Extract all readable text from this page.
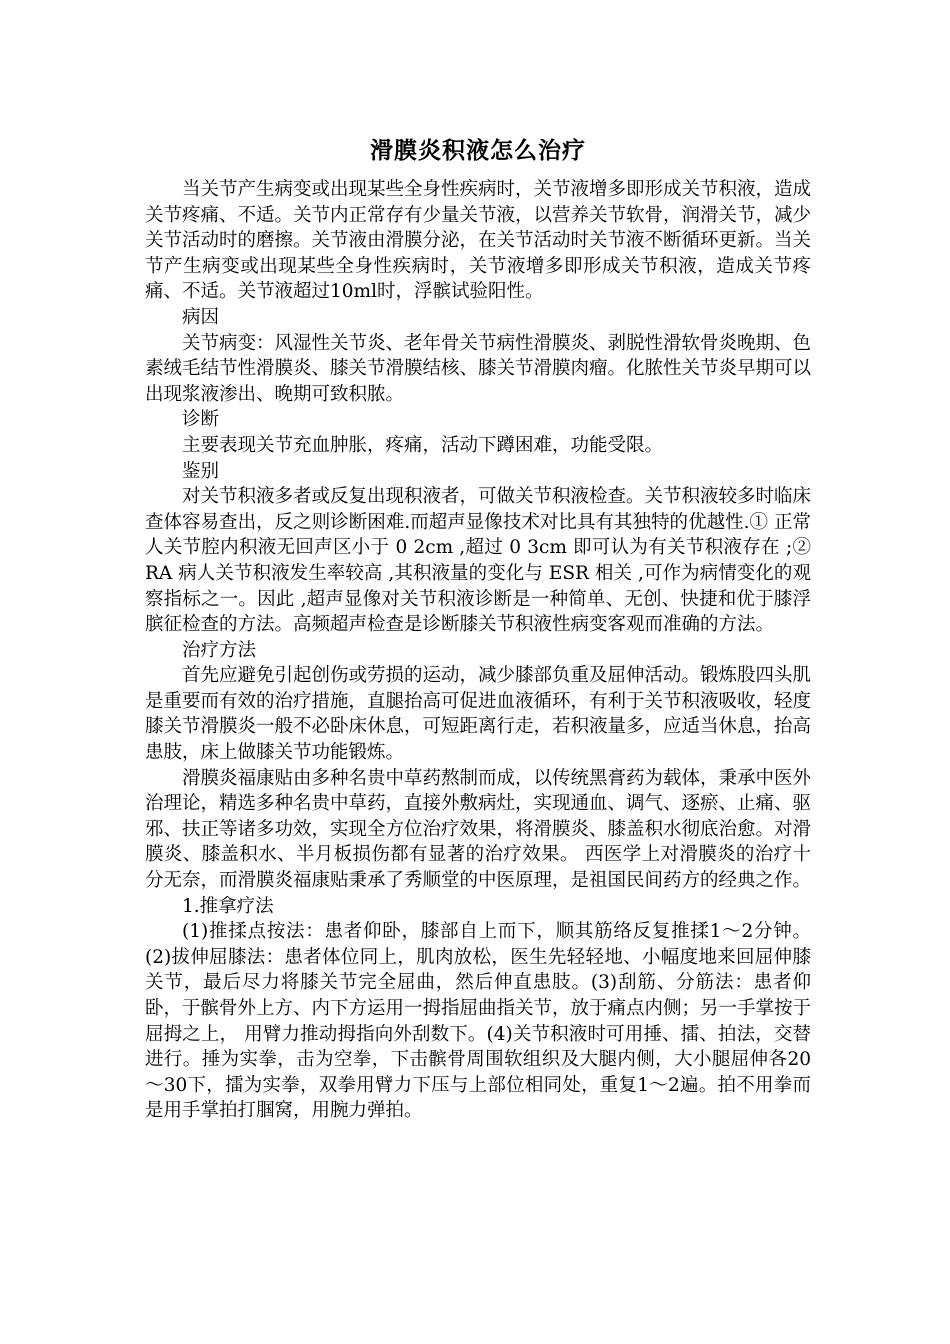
滑膜炎积液怎么治疗

当关节产生病变或出现某些全身性疾病时，关节液增多即形成关节积液，造成关节疼痛、不适。关节内正常存有少量关节液，以营养关节软骨，润滑关节，减少关节活动时的磨擦。关节液由滑膜分泌，在关节活动时关节液不断循环更新。当关节产生病变或出现某些全身性疾病时，关节液增多即形成关节积液，造成关节疼痛、不适。关节液超过10ml时，浮髌试验阳性。

病因

关节病变：风湿性关节炎、老年骨关节病性滑膜炎、剥脱性滑软骨炎晚期、色素绒毛结节性滑膜炎、膝关节滑膜结核、膝关节滑膜肉瘤。化脓性关节炎早期可以出现浆液渗出、晚期可致积脓。

诊断

主要表现关节充血肿胀，疼痛，活动下蹲困难，功能受限。

鉴别

对关节积液多者或反复出现积液者，可做关节积液检查。关节积液较多时临床查体容易查出，反之则诊断困难.而超声显像技术对比具有其独特的优越性.① 正常人关节腔内积液无回声区小于 0 2cm ,超过 0 3cm 即可认为有关节积液存在 ;②RA 病人关节积液发生率较高 ,其积液量的变化与 ESR 相关 ,可作为病情变化的观察指标之一。因此 ,超声显像对关节积液诊断是一种简单、无创、快捷和优于膝浮膑征检查的方法。高频超声检查是诊断膝关节积液性病变客观而准确的方法。

治疗方法

首先应避免引起创伤或劳损的运动，减少膝部负重及屈伸活动。锻炼股四头肌是重要而有效的治疗措施，直腿抬高可促进血液循环，有利于关节积液吸收，轻度膝关节滑膜炎一般不必卧床休息，可短距离行走，若积液量多，应适当休息，抬高患肢，床上做膝关节功能锻炼。

滑膜炎福康贴由多种名贵中草药熬制而成，以传统黑膏药为载体，秉承中医外治理论，精选多种名贵中草药，直接外敷病灶，实现通血、调气、逐瘀、止痛、驱邪、扶正等诸多功效，实现全方位治疗效果，将滑膜炎、膝盖积水彻底治愈。对滑膜炎、膝盖积水、半月板损伤都有显著的治疗效果。 西医学上对滑膜炎的治疗十分无奈，而滑膜炎福康贴秉承了秀顺堂的中医原理，是祖国民间药方的经典之作。

1.推拿疗法

(1)推揉点按法：患者仰卧，膝部自上而下，顺其筋络反复推揉1～2分钟。(2)拔伸屈膝法：患者体位同上，肌肉放松，医生先轻轻地、小幅度地来回屈伸膝关节，最后尽力将膝关节完全屈曲，然后伸直患肢。(3)刮筋、分筋法：患者仰卧，于髌骨外上方、内下方运用一拇指屈曲指关节，放于痛点内侧；另一手掌按于屈拇之上， 用臂力推动拇指向外刮数下。(4)关节积液时可用捶、擂、拍法，交替进行。捶为实拳，击为空拳，下击髌骨周围软组织及大腿内侧，大小腿屈伸各20～30下，擂为实拳，双拳用臂力下压与上部位相同处，重复1～2遍。拍不用拳而是用手掌拍打腘窝，用腕力弹拍。
